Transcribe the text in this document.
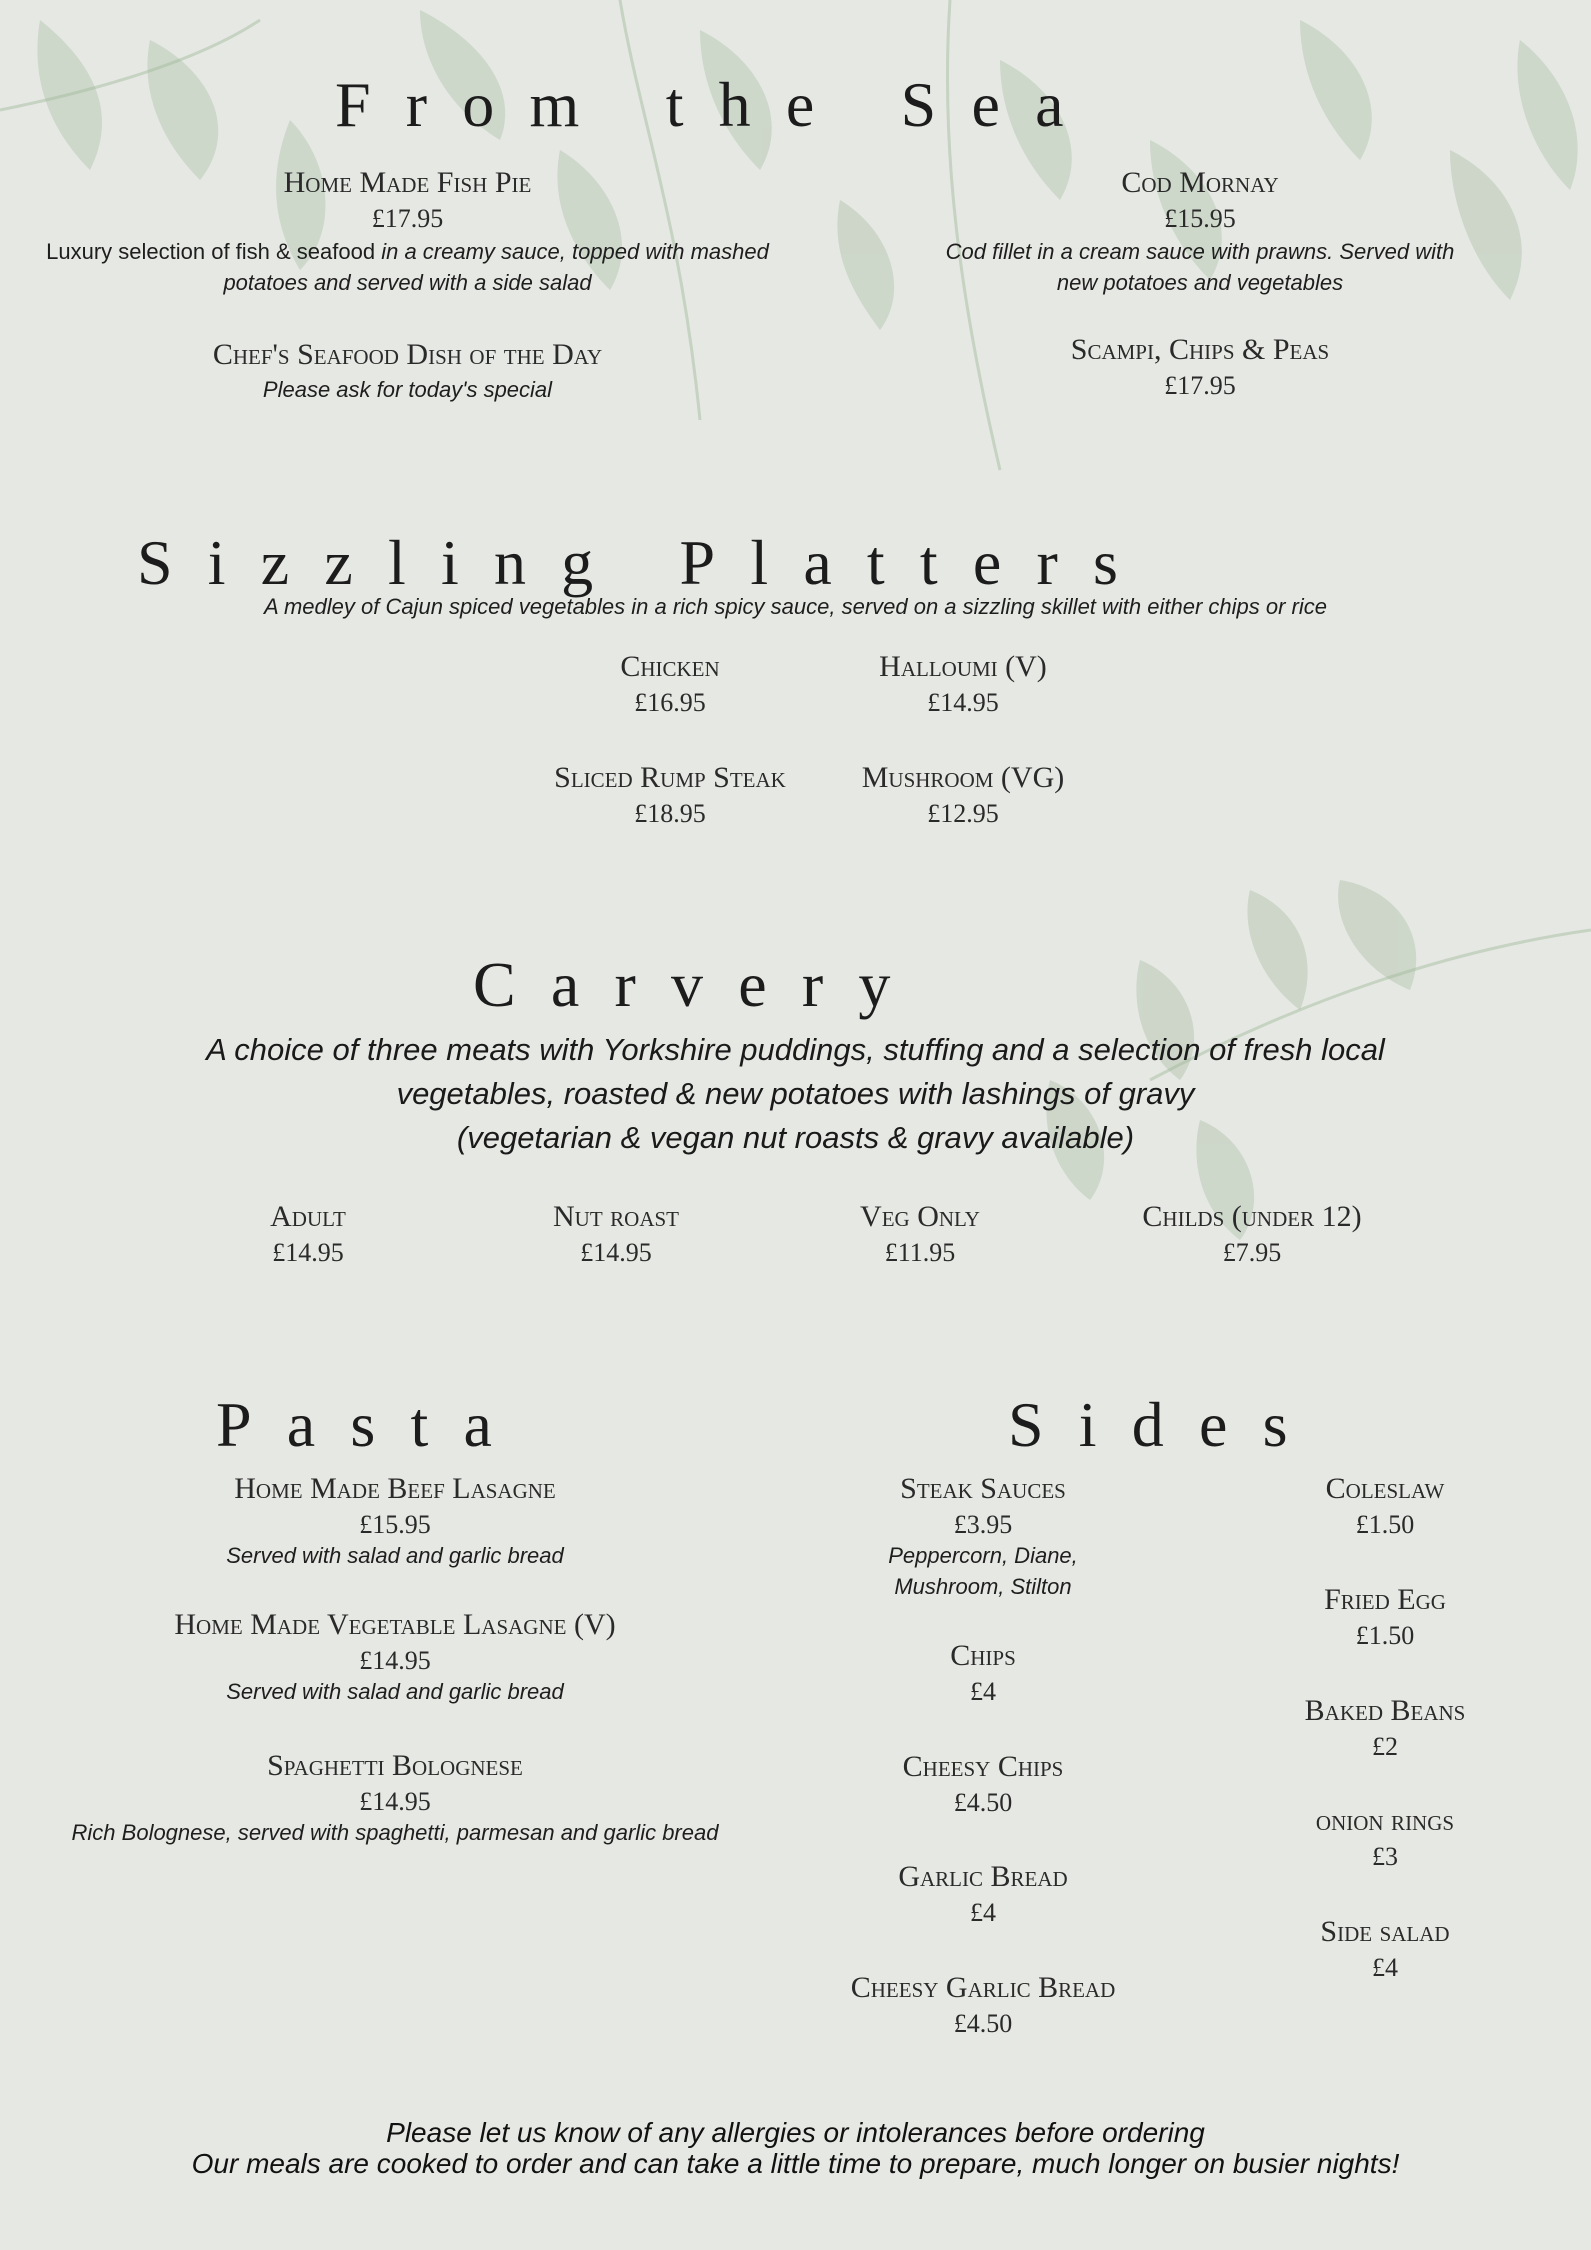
From the Sea
Home Made Fish Pie
£17.95
Luxury selection of fish & seafood in a creamy sauce, topped with mashed potatoes and served with a side salad
Chef's Seafood Dish of the Day
Please ask for today's special
Cod Mornay
£15.95
Cod fillet in a cream sauce with prawns. Served with new potatoes and vegetables
Scampi, Chips & Peas
£17.95
Sizzling Platters
A medley of Cajun spiced vegetables in a rich spicy sauce, served on a sizzling skillet with either chips or rice
Chicken
£16.95
Halloumi (V)
£14.95
Sliced Rump Steak
£18.95
Mushroom (VG)
£12.95
Carvery
A choice of three meats with Yorkshire puddings, stuffing and a selection of fresh local
vegetables, roasted & new potatoes with lashings of gravy
(vegetarian & vegan nut roasts & gravy available)
Adult
£14.95
Nut roast
£14.95
Veg Only
£11.95
Childs (under 12)
£7.95
Pasta
Home Made Beef Lasagne
£15.95
Served with salad and garlic bread
Home Made Vegetable Lasagne (V)
£14.95
Served with salad and garlic bread
Spaghetti Bolognese
£14.95
Rich Bolognese, served with spaghetti, parmesan and garlic bread
Sides
Steak Sauces
£3.95
Peppercorn, Diane, Mushroom, Stilton
Chips
£4
Cheesy Chips
£4.50
Garlic Bread
£4
Cheesy Garlic Bread
£4.50
Coleslaw
£1.50
Fried Egg
£1.50
Baked Beans
£2
onion rings
£3
Side salad
£4
Please let us know of any allergies or intolerances before ordering
Our meals are cooked to order and can take a little time to prepare, much longer on busier nights!
